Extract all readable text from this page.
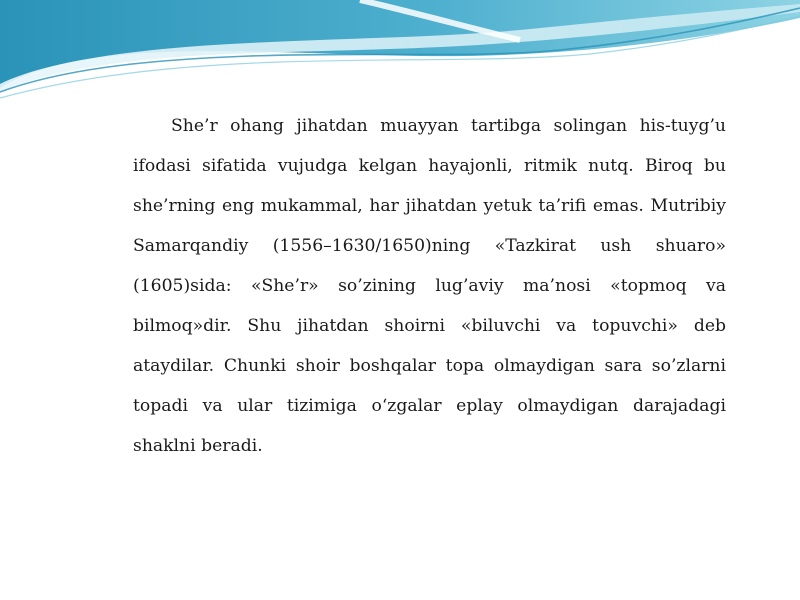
She’r ohang jihatdan muayyan tartibga solingan his-tuyg’u ifodasi sifatida vujudga kelgan hayajonli, ritmik nutq. Biroq bu she’rning eng mukammal, har jihatdan yetuk ta’rifi emas. Mutribiy Samarqandiy (1556–1630/1650)ning «Tazkirat ush shuaro» (1605)sida: «She’r» so’zining lug’aviy ma’nosi «topmoq va bilmoq»dir. Shu jihatdan shoirni «biluvchi va topuvchi» deb ataydilar. Chunki shoir boshqalar topa olmaydigan sara so’zlarni topadi va ular tizimiga o‘zgalar eplay olmaydigan darajadagi shaklni beradi.
